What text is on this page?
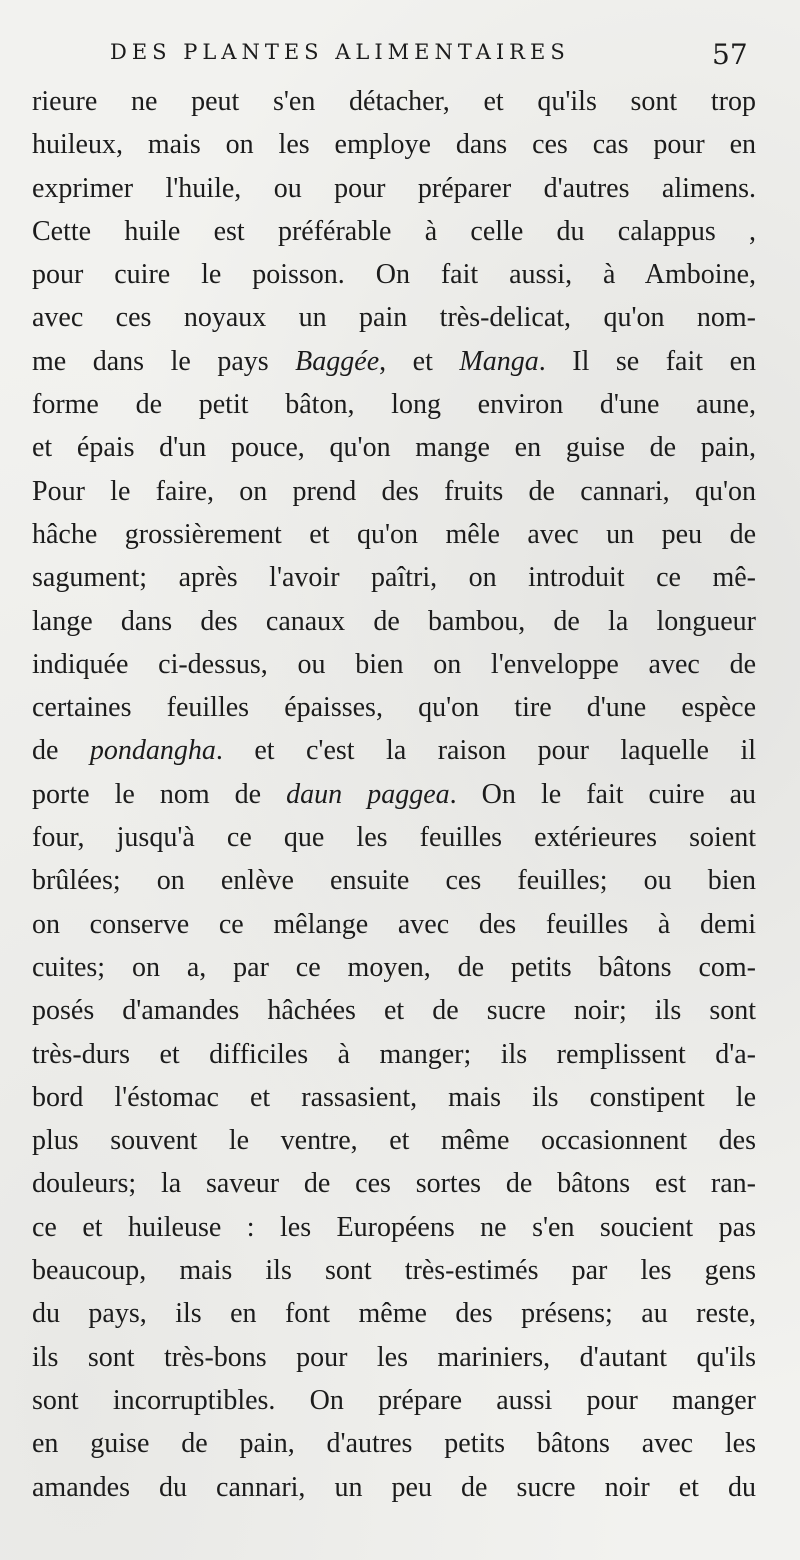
DES PLANTES ALIMENTAIRES	57
rieure ne peut s'en détacher, et qu'ils sont trop
huileux, mais on les employe dans ces cas pour en
exprimer l'huile, ou pour préparer d'autres alimens.
Cette huile est préférable à celle du calappus ,
pour cuire le poisson. On fait aussi, à Amboine,
avec ces noyaux un pain très-delicat, qu'on nom-
me dans le pays Baggée, et Manga. Il se fait en
forme de petit bâton, long environ d'une aune,
et épais d'un pouce, qu'on mange en guise de pain,
Pour le faire, on prend des fruits de cannari, qu'on
hâche grossièrement et qu'on mêle avec un peu de
sagument; après l'avoir paîtri, on introduit ce mê-
lange dans des canaux de bambou, de la longueur
indiquée ci-dessus, ou bien on l'enveloppe avec de
certaines feuilles épaisses, qu'on tire d'une espèce
de pondangha. et c'est la raison pour laquelle il
porte le nom de daun paggea. On le fait cuire au
four, jusqu'à ce que les feuilles extérieures soient
brûlées; on enlève ensuite ces feuilles; ou bien
on conserve ce mêlange avec des feuilles à demi
cuites; on a, par ce moyen, de petits bâtons com-
posés d'amandes hâchées et de sucre noir; ils sont
très-durs et difficiles à manger; ils remplissent d'a-
bord l'éstomac et rassasient, mais ils constipent le
plus souvent le ventre, et même occasionnent des
douleurs; la saveur de ces sortes de bâtons est ran-
ce et huileuse : les Européens ne s'en soucient pas
beaucoup, mais ils sont très-estimés par les gens
du pays, ils en font même des présens; au reste,
ils sont très-bons pour les mariniers, d'autant qu'ils
sont incorruptibles. On prépare aussi pour manger
en guise de pain, d'autres petits bâtons avec les
amandes du cannari, un peu de sucre noir et du
